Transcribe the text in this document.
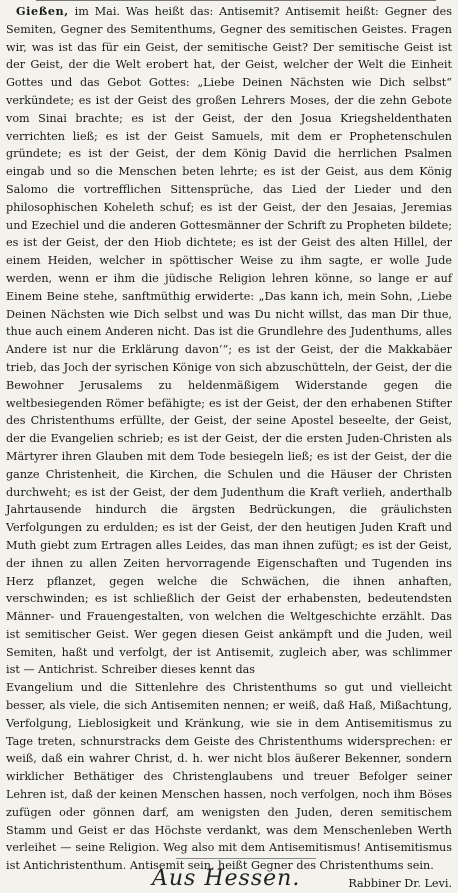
Gießen, im Mai. Was heißt das: Antisemit? Antisemit heißt: Gegner des Semiten, Gegner des Semitenthums, Gegner des semitischen Geistes. Fragen wir, was ist das für ein Geist, der semitische Geist? Der semitische Geist ist der Geist, der die Welt erobert hat, der Geist, welcher der Welt die Einheit Gottes und das Gebot Gottes: „Liebe Deinen Nächsten wie Dich selbst“ verkündete; es ist der Geist des großen Lehrers Moses, der die zehn Gebote vom Sinai brachte; es ist der Geist, der den Josua Kriegsheldenthaten verrichten ließ; es ist der Geist Samuels, mit dem er Prophetenschulen gründete; es ist der Geist, der dem König David die herrlichen Psalmen eingab und so die Menschen beten lehrte; es ist der Geist, aus dem König Salomo die vortrefflichen Sittensprüche, das Lied der Lieder und den philosophischen Koheleth schuf; es ist der Geist, der den Jesaias, Jeremias und Ezechiel und die anderen Gottesmänner der Schrift zu Propheten bildete; es ist der Geist, der den Hiob dichtete; es ist der Geist des alten Hillel, der einem Heiden, welcher in spöttischer Weise zu ihm sagte, er wolle Jude werden, wenn er ihm die jüdische Religion lehren könne, so lange er auf Einem Beine stehe, sanftmüthig erwiderte: „Das kann ich, mein Sohn, ‚Liebe Deinen Nächsten wie Dich selbst und was Du nicht willst, das man Dir thue, thue auch einem Anderen nicht. Das ist die Grundlehre des Judenthums, alles Andere ist nur die Erklärung davon‘“; es ist der Geist, der die Makkabäer trieb, das Joch der syrischen Könige von sich abzuschütteln, der Geist, der die Bewohner Jerusalems zu heldenmäßigem Widerstande gegen die weltbesiegenden Römer befähigte; es ist der Geist, der den erhabenen Stifter des Christenthums erfüllte, der Geist, der seine Apostel beseelte, der Geist, der die Evangelien schrieb; es ist der Geist, der die ersten Juden-Christen als Märtyrer ihren Glauben mit dem Tode besiegeln ließ; es ist der Geist, der die ganze Christenheit, die Kirchen, die Schulen und die Häuser der Christen durchweht; es ist der Geist, der dem Judenthum die Kraft verlieh, anderthalb Jahrtausende hindurch die ärgsten Bedrückungen, die gräulichsten Verfolgungen zu erdulden; es ist der Geist, der den heutigen Juden Kraft und Muth giebt zum Ertragen alles Leides, das man ihnen zufügt; es ist der Geist, der ihnen zu allen Zeiten hervorragende Eigenschaften und Tugenden ins Herz pflanzet, gegen welche die Schwächen, die ihnen anhaften, verschwinden; es ist schließlich der Geist der erhabensten, bedeutendsten Männer- und Frauengestalten, von welchen die Weltgeschichte erzählt. Das ist semitischer Geist. Wer gegen diesen Geist ankämpft und die Juden, weil Semiten, haßt und verfolgt, der ist Antisemit, zugleich aber, was schlimmer ist — Antichrist. Schreiber dieses kennt das

Evangelium und die Sittenlehre des Christenthums so gut und vielleicht besser, als viele, die sich Antisemiten nennen; er weiß, daß Haß, Mißachtung, Verfolgung, Lieblosigkeit und Kränkung, wie sie in dem Antisemitismus zu Tage treten, schnurstracks dem Geiste des Christenthums widersprechen: er weiß, daß ein wahrer Christ, d. h. wer nicht blos äußerer Bekenner, sondern wirklicher Bethätiger des Christenglaubens und treuer Befolger seiner Lehren ist, daß der keinen Menschen hassen, noch verfolgen, noch ihm Böses zufügen oder gönnen darf, am wenigsten den Juden, deren semitischem Stamm und Geist er das Höchste verdankt, was dem Menschenleben Werth verleihet — seine Religion. Weg also mit dem Antisemitismus! Antisemitismus ist Antichristenthum. Antisemit sein, heißt Gegner des Christenthums sein.

Rabbiner Dr. Levi.

Aus Hessen.
